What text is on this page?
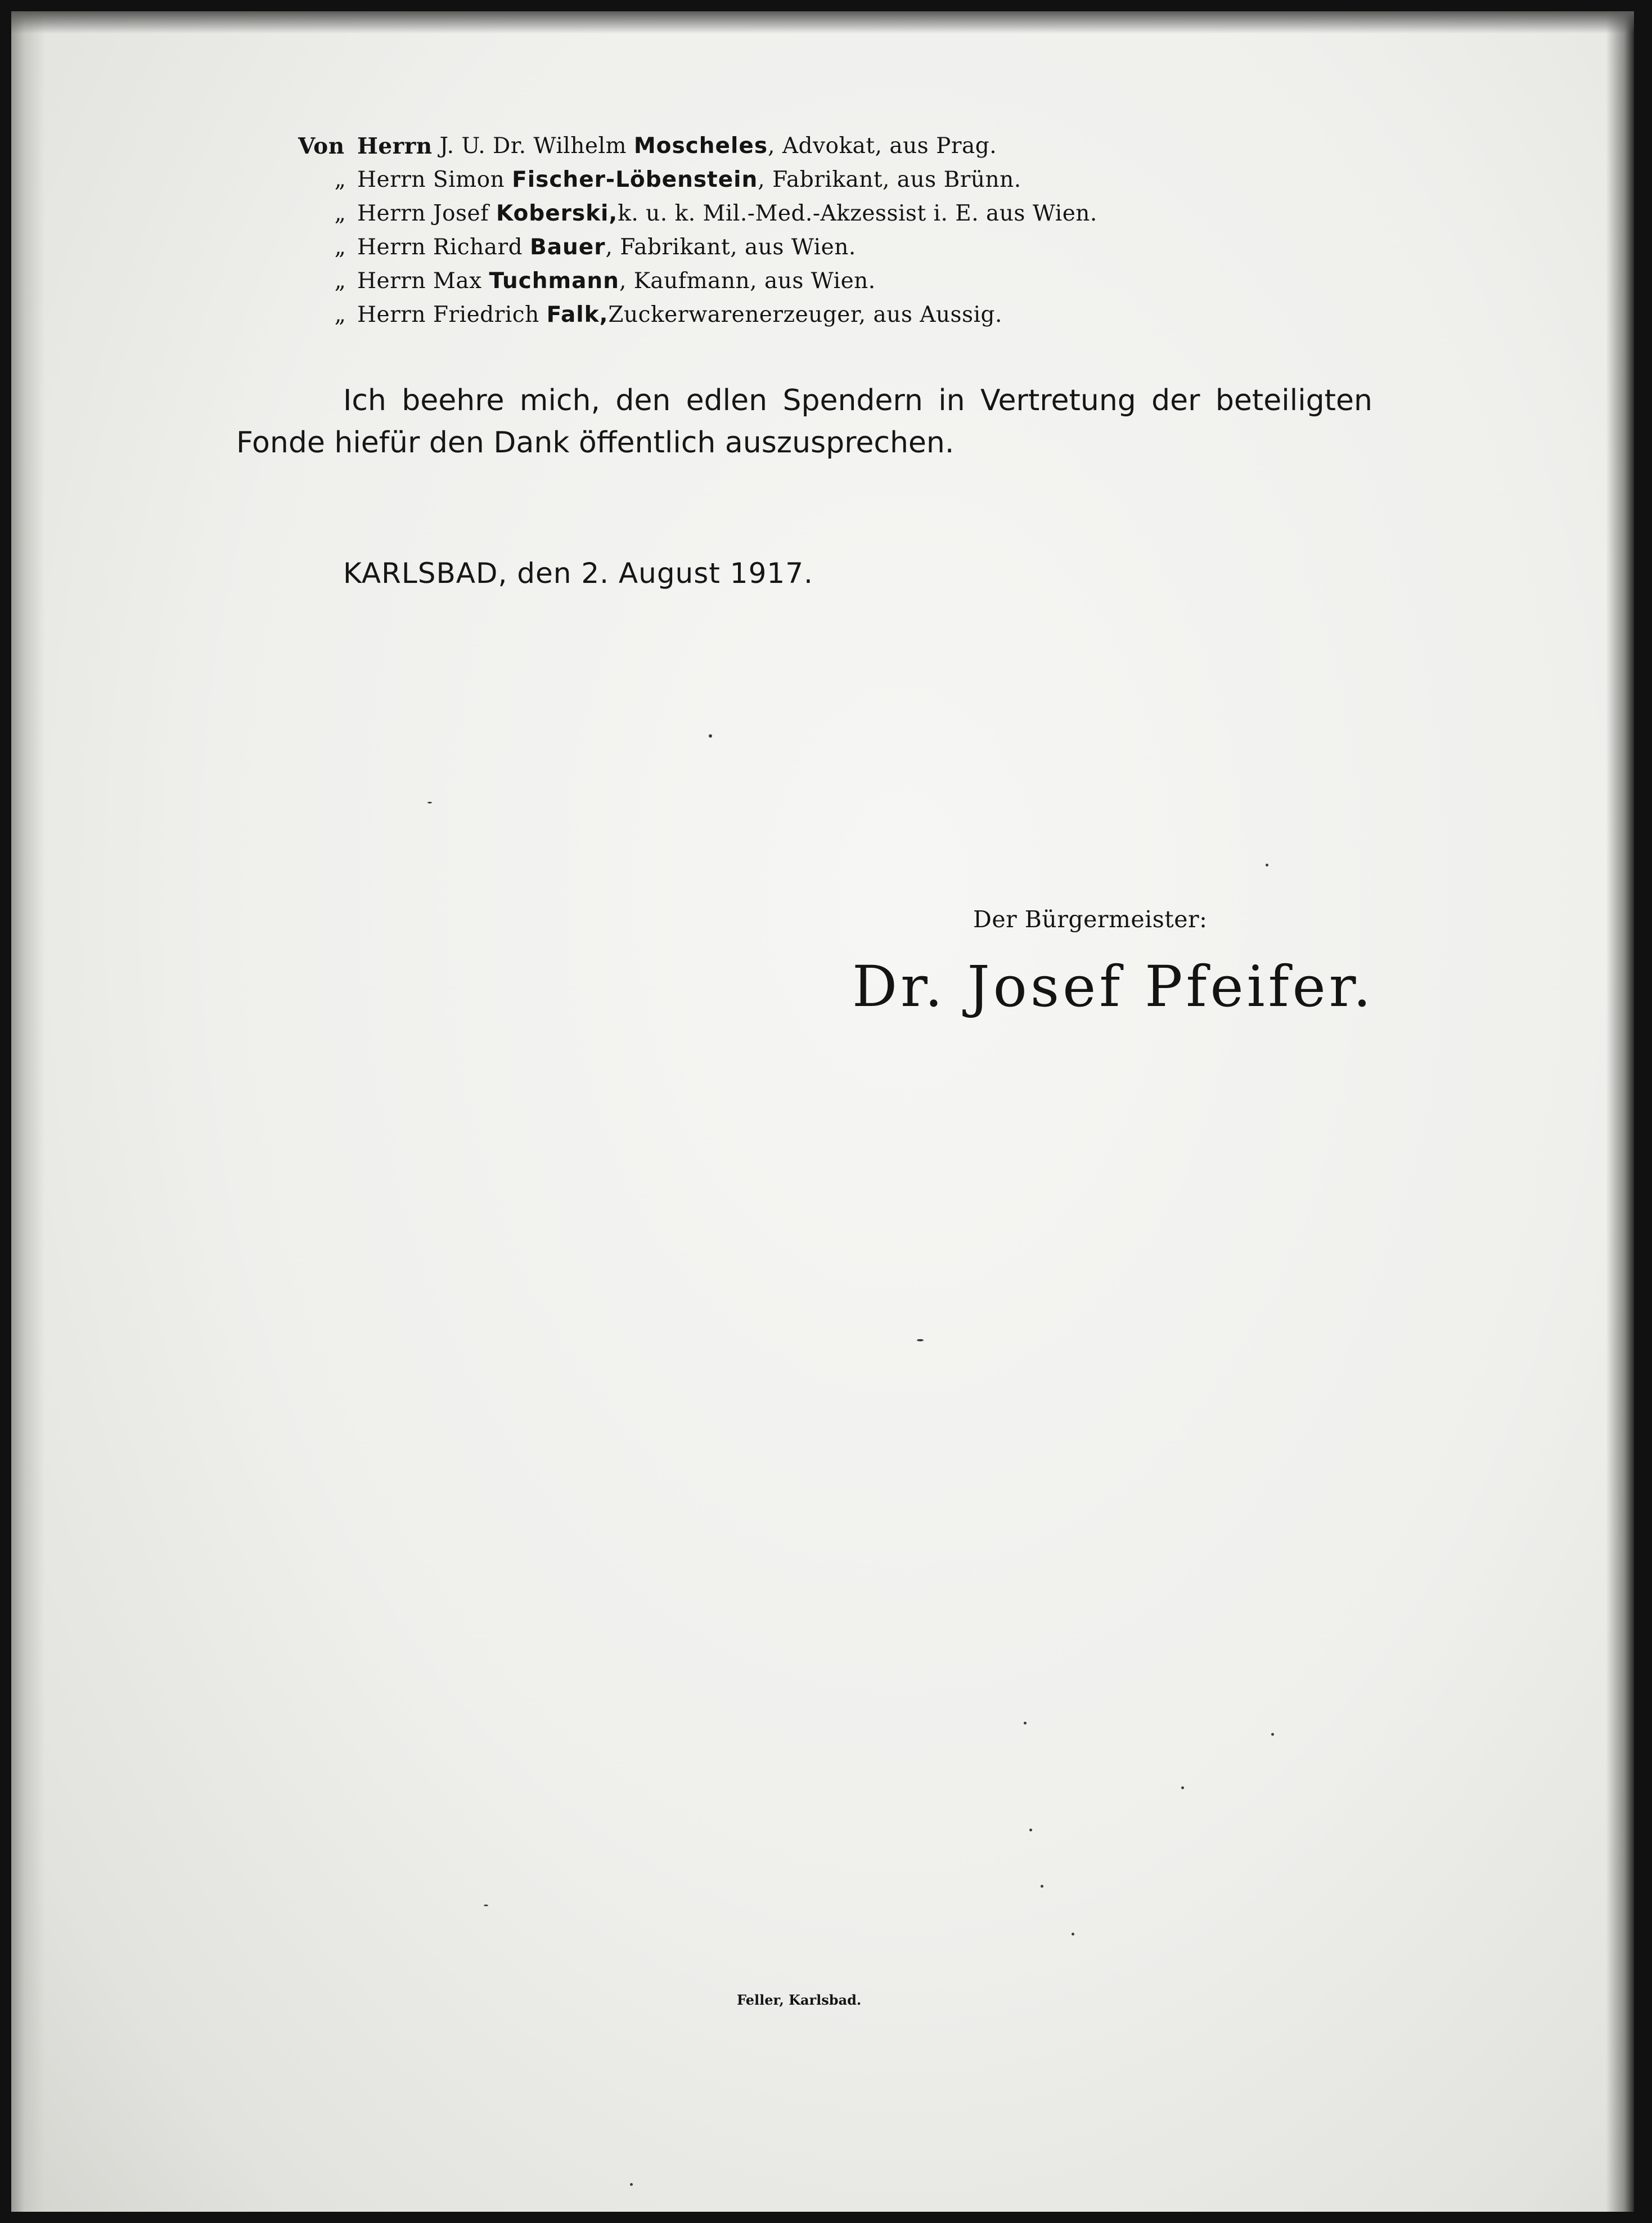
Von Herrn
J. U. Dr. Wilhelm
Moscheles , Advokat, aus Prag.
„ Herrn
Simon
Fischer-Löbenstein , Fabrikant, aus Brünn.
„ Herrn
Josef
Koberski, k. u. k. Mil.-Med.-Akzessist i. E. aus Wien.
„ Herrn
Richard
Bauer , Fabrikant, aus Wien.
„ Herrn
Max
Tuchmann , Kaufmann, aus Wien.
„ Herrn
Friedrich
Falk, Zuckerwarenerzeuger, aus Aussig.
Ich beehre mich, den edlen Spendern in Vertretung der beteiligten
Fonde hiefür den Dank öffentlich auszusprechen.
KARLSBAD, den 2. August 1917.
Der Bürgermeister:
Dr. Josef Pfeifer.
Feller, Karlsbad.
